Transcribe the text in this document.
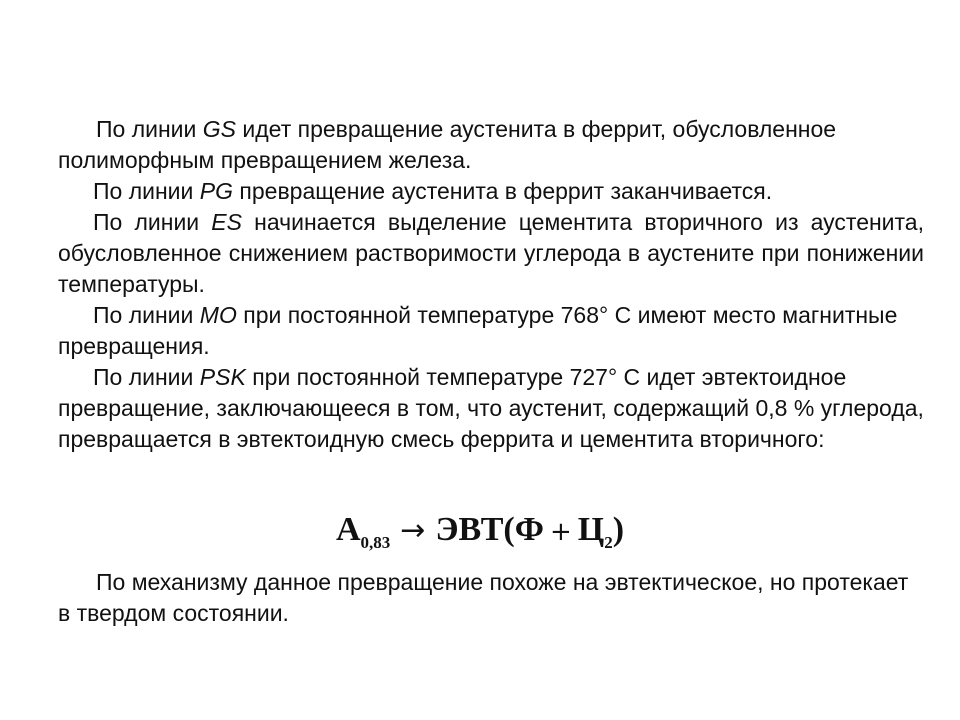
По линии GS идет превращение аустенита в феррит, обусловленное полиморфным превращением железа.

По линии PG превращение аустенита в феррит заканчивается.

По линии ES начинается выделение цементита вторичного из аустенита, обусловленное снижением растворимости углерода в аустените при понижении температуры.

По линии MO при постоянной температуре 768° С имеют место магнитные превращения.

По линии PSK при постоянной температуре 727° С идет эвтектоидное превращение, заключающееся в том, что аустенит, содержащий 0,8 % углерода, превращается в эвтектоидную смесь феррита и цементита вторичного:

$А_{0,83} \to ЭВТ(Ф + Ц_2)$

По механизму данное превращение похоже на эвтектическое, но протекает в твердом состоянии.
